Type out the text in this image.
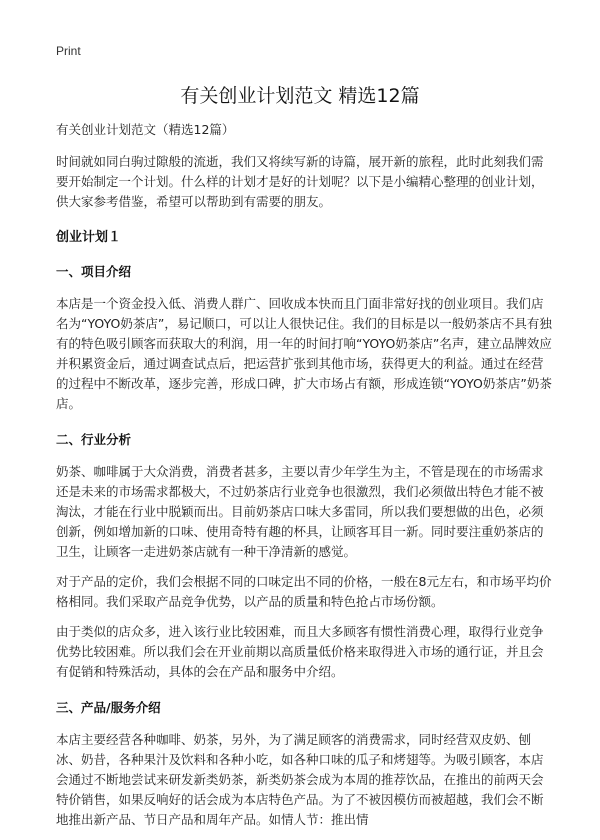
Print
有关创业计划范文 精选12篇

有关创业计划范文（精选12篇）

时间就如同白驹过隙般的流逝，我们又将续写新的诗篇，展开新的旅程，此时此刻我们需要开始制定一个计划。什么样的计划才是好的计划呢？以下是小编精心整理的创业计划，供大家参考借鉴，希望可以帮助到有需要的朋友。

创业计划１
一、项目介绍

本店是一个资金投入低、消费人群广、回收成本快而且门面非常好找的创业项目。我们店名为“YOYO奶茶店”，易记顺口，可以让人很快记住。我们的目标是以一般奶茶店不具有独有的特色吸引顾客而获取大的利润，用一年的时间打响“YOYO奶茶店”名声，建立品牌效应并积累资金后，通过调查试点后，把运营扩张到其他市场，获得更大的利益。通过在经营的过程中不断改革，逐步完善，形成口碑，扩大市场占有额，形成连锁“YOYO奶茶店”奶茶店。

二、行业分析

奶茶、咖啡属于大众消费，消费者甚多，主要以青少年学生为主，不管是现在的市场需求还是未来的市场需求都极大，不过奶茶店行业竞争也很激烈，我们必须做出特色才能不被淘汰，才能在行业中脱颖而出。目前奶茶店口味大多雷同，所以我们要想做的出色，必须创新，例如增加新的口味、使用奇特有趣的杯具，让顾客耳目一新。同时要注重奶茶店的卫生，让顾客一走进奶茶店就有一种干净清新的感觉。

对于产品的定价，我们会根据不同的口味定出不同的价格，一般在8元左右，和市场平均价格相同。我们采取产品竞争优势，以产品的质量和特色抢占市场份额。

由于类似的店众多，进入该行业比较困难，而且大多顾客有惯性消费心理，取得行业竞争优势比较困难。所以我们会在开业前期以高质量低价格来取得进入市场的通行证，并且会有促销和特殊活动，具体的会在产品和服务中介绍。

三、产品/服务介绍

本店主要经营各种咖啡、奶茶，另外，为了满足顾客的消费需求，同时经营双皮奶、刨冰、奶昔，各种果汁及饮料和各种小吃，如各种口味的瓜子和烤翅等。为吸引顾客，本店会通过不断地尝试来研发新类奶茶，新类奶茶会成为本周的推荐饮品，在推出的前两天会特价销售，如果反响好的话会成为本店特色产品。为了不被因模仿而被超越，我们会不断地推出新产品、节日产品和周年产品。如情人节：推出情
